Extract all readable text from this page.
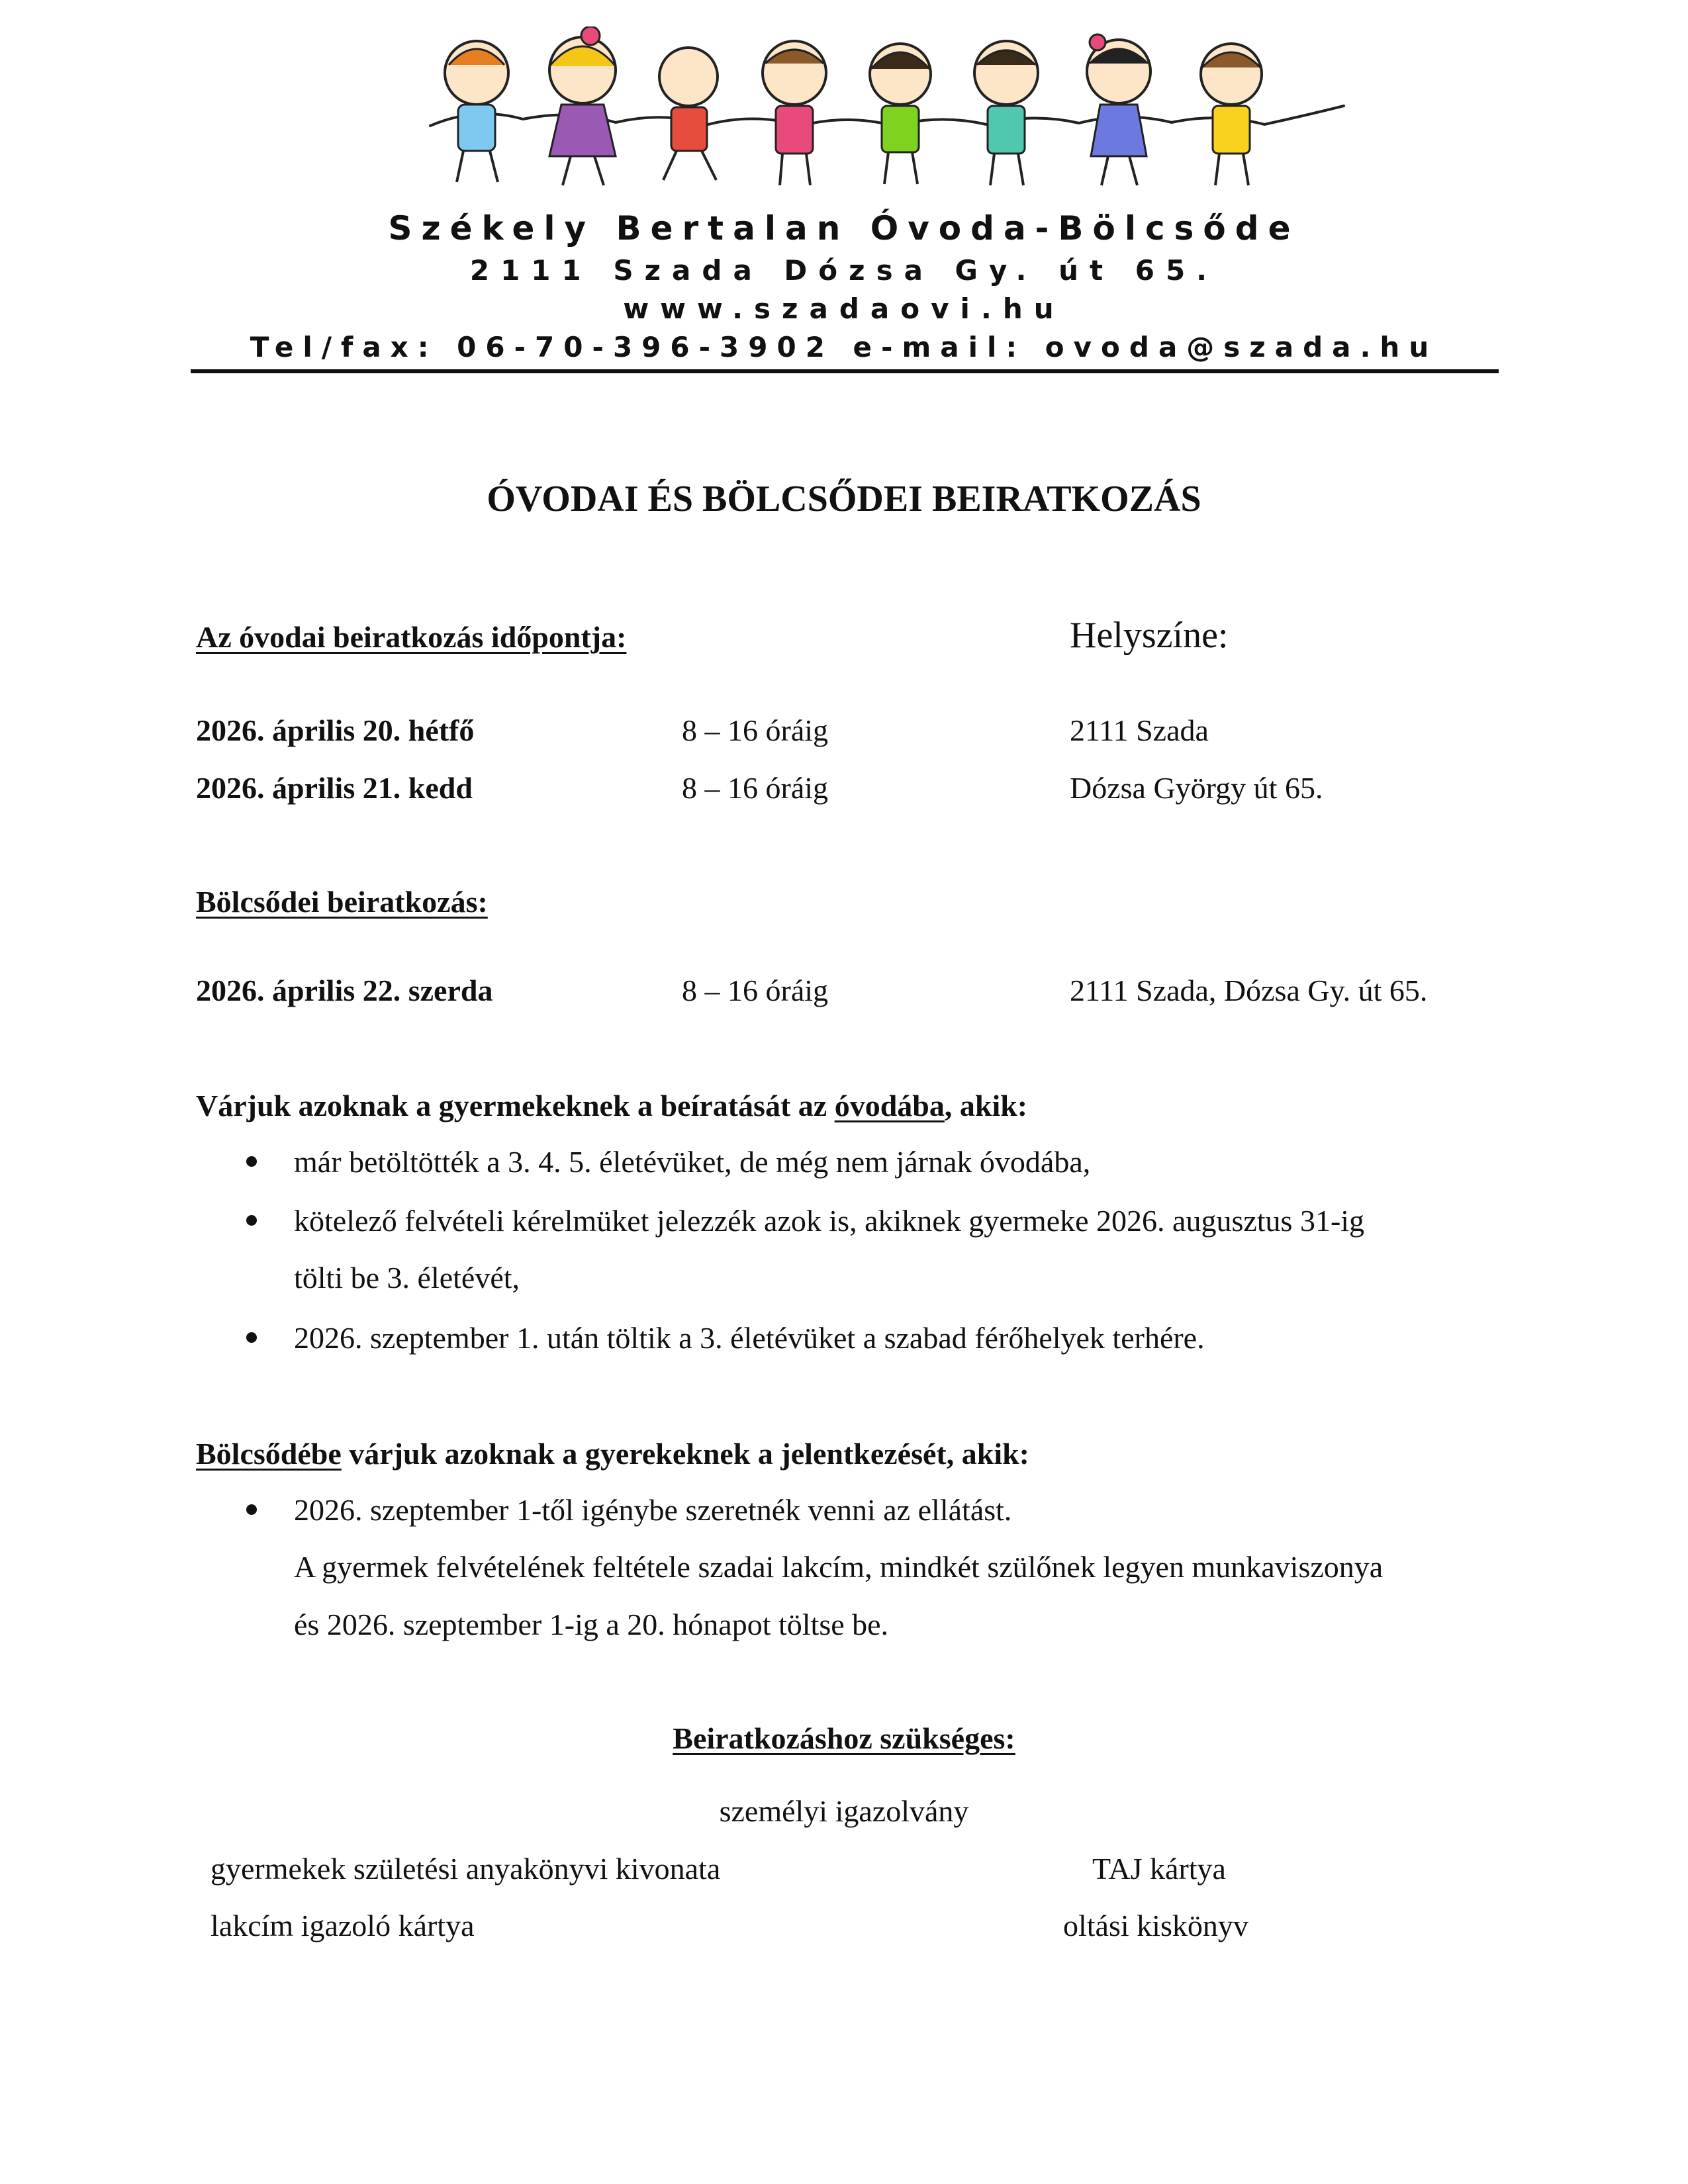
Székely Bertalan Óvoda-Bölcsőde
2111 Szada Dózsa Gy. út 65.
www.szadaovi.hu
Tel/fax: 06-70-396-3902 e-mail: ovoda@szada.hu
ÓVODAI ÉS BÖLCSŐDEI BEIRATKOZÁS
Az óvodai beiratkozás időpontja:	Helyszíne:
2026. április 20. hétfő	8 – 16 óráig	2111 Szada
2026. április 21. kedd	8 – 16 óráig	Dózsa György út 65.
Bölcsődei beiratkozás:
2026. április 22. szerda	8 – 16 óráig	2111 Szada, Dózsa Gy. út 65.
Várjuk azoknak a gyermekeknek a beíratását az óvodába, akik:
már betöltötték a 3. 4. 5. életévüket, de még nem járnak óvodába,
kötelező felvételi kérelmüket jelezzék azok is, akiknek gyermeke 2026. augusztus 31-ig
tölti be 3. életévét,
2026. szeptember 1. után töltik a 3. életévüket a szabad férőhelyek terhére.
Bölcsődébe várjuk azoknak a gyerekeknek a jelentkezését, akik:
2026. szeptember 1-től igénybe szeretnék venni az ellátást.
A gyermek felvételének feltétele szadai lakcím, mindkét szülőnek legyen munkaviszonya
és 2026. szeptember 1-ig a 20. hónapot töltse be.
Beiratkozáshoz szükséges:
személyi igazolvány
gyermekek születési anyakönyvi kivonata	TAJ kártya
lakcím igazoló kártya	oltási kiskönyv
